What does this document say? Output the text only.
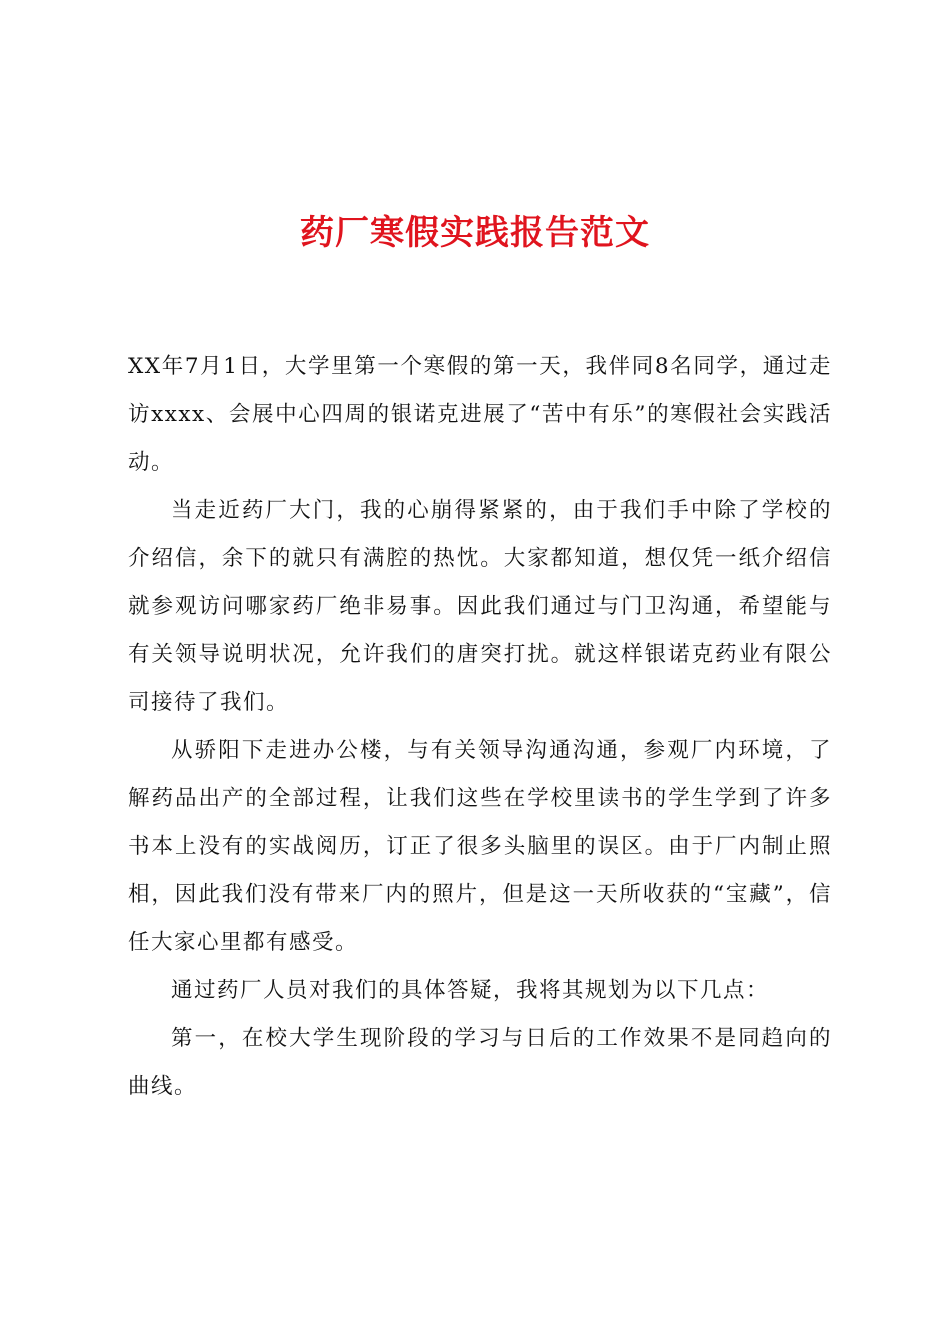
药厂寒假实践报告范文

XX年7月1日，大学里第一个寒假的第一天，我伴同8名同学，通过走访xxxx、会展中心四周的银诺克进展了“苦中有乐”的寒假社会实践活动。

当走近药厂大门，我的心崩得紧紧的，由于我们手中除了学校的介绍信，余下的就只有满腔的热忱。大家都知道，想仅凭一纸介绍信就参观访问哪家药厂绝非易事。因此我们通过与门卫沟通，希望能与有关领导说明状况，允许我们的唐突打扰。就这样银诺克药业有限公司接待了我们。

从骄阳下走进办公楼，与有关领导沟通沟通，参观厂内环境，了解药品出产的全部过程，让我们这些在学校里读书的学生学到了许多书本上没有的实战阅历，订正了很多头脑里的误区。由于厂内制止照相，因此我们没有带来厂内的照片，但是这一天所收获的“宝藏”，信任大家心里都有感受。

通过药厂人员对我们的具体答疑，我将其规划为以下几点：

第一，在校大学生现阶段的学习与日后的工作效果不是同趋向的曲线。
